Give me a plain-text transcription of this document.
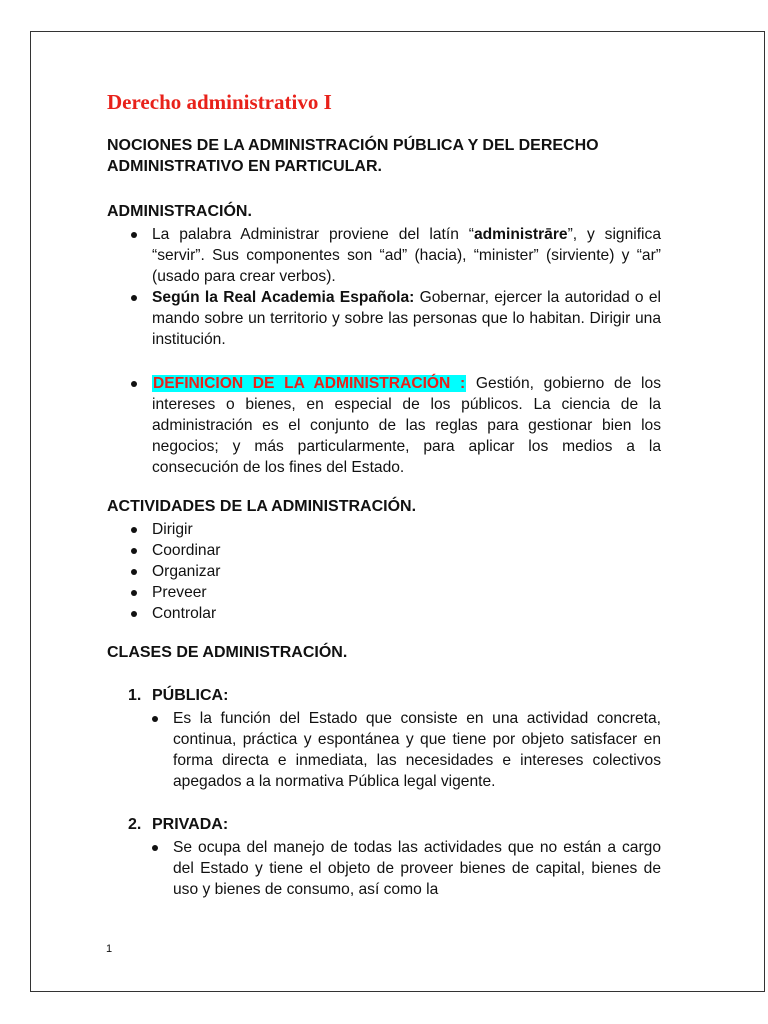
Derecho administrativo I

NOCIONES DE LA ADMINISTRACIÓN PÚBLICA Y DEL DERECHO ADMINISTRATIVO EN PARTICULAR.

ADMINISTRACIÓN.

La palabra Administrar proviene del latín “administrāre”, y significa “servir”. Sus componentes son “ad” (hacia), “minister” (sirviente) y “ar” (usado para crear verbos).
Según la Real Academia Española: Gobernar, ejercer la autoridad o el mando sobre un territorio y sobre las personas que lo habitan. Dirigir una institución.
DEFINICION DE LA ADMINISTRACIÓN : Gestión, gobierno de los intereses o bienes, en especial de los públicos. La ciencia de la administración es el conjunto de las reglas para gestionar bien los negocios; y más particularmente, para aplicar los medios a la consecución de los fines del Estado.

ACTIVIDADES DE LA ADMINISTRACIÓN.

Dirigir
Coordinar
Organizar
Preveer
Controlar

CLASES DE ADMINISTRACIÓN.

1. PÚBLICA:
Es la función del Estado que consiste en una actividad concreta, continua, práctica y espontánea y que tiene por objeto satisfacer en forma directa e inmediata, las necesidades e intereses colectivos apegados a la normativa Pública legal vigente.
2. PRIVADA:
Se ocupa del manejo de todas las actividades que no están a cargo del Estado y tiene el objeto de proveer bienes de capital, bienes de uso y bienes de consumo, así como la
1
